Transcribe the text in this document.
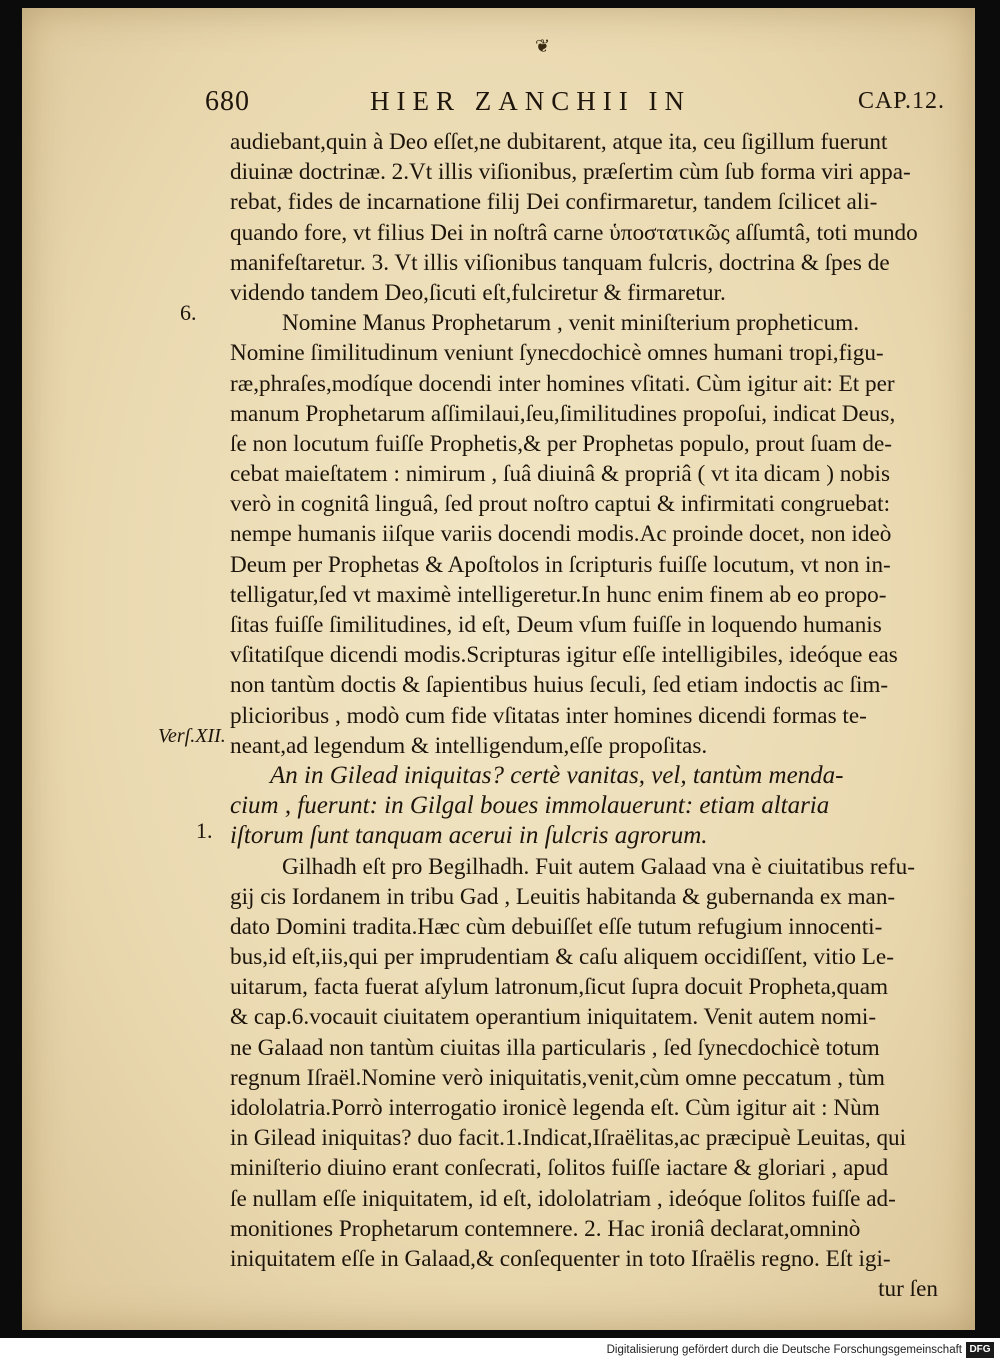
❦
680	HIER ZANCHII IN	CAP.12.
6.
Verſ.XII.
1.
audiebant,quin à Deo eſſet,ne dubitarent, atque ita, ceu ſigillum fuerunt
diuinæ doctrinæ. 2.Vt illis viſionibus, præſertim cùm ſub forma viri appa-
rebat, fides de incarnatione filij Dei confirmaretur, tandem ſcilicet ali-
quando fore, vt filius Dei in noſtrâ carne ὑποστατικῶς aſſumtâ, toti mundo
manifeſtaretur. 3. Vt illis viſionibus tanquam fulcris, doctrina & ſpes de
videndo tandem Deo,ſicuti eſt,fulciretur & firmaretur.
Nomine Manus Prophetarum , venit miniſterium propheticum.
Nomine ſimilitudinum veniunt ſynecdochicè omnes humani tropi,figu-
ræ,phraſes,modíque docendi inter homines vſitati. Cùm igitur ait: Et per
manum Prophetarum aſſimilaui,ſeu,ſimilitudines propoſui, indicat Deus,
ſe non locutum fuiſſe Prophetis,& per Prophetas populo, prout ſuam de-
cebat maieſtatem : nimirum , ſuâ diuinâ & propriâ ( vt ita dicam ) nobis
verò in cognitâ linguâ, ſed prout noſtro captui & infirmitati congruebat:
nempe humanis iiſque variis docendi modis.Ac proinde docet, non ideò
Deum per Prophetas & Apoſtolos in ſcripturis fuiſſe locutum, vt non in-
telligatur,ſed vt maximè intelligeretur.In hunc enim finem ab eo propo-
ſitas fuiſſe ſimilitudines, id eſt, Deum vſum fuiſſe in loquendo humanis
vſitatiſque dicendi modis.Scripturas igitur eſſe intelligibiles, ideóque eas
non tantùm doctis & ſapientibus huius ſeculi, ſed etiam indoctis ac ſim-
plicioribus , modò cum fide vſitatas inter homines dicendi formas te-
neant,ad legendum & intelligendum,eſſe propoſitas.
An in Gilead iniquitas? certè vanitas, vel, tantùm menda-
cium , fuerunt: in Gilgal boues immolauerunt: etiam altaria
iſtorum ſunt tanquam acerui in ſulcris agrorum.
Gilhadh eſt pro Begilhadh. Fuit autem Galaad vna è ciuitatibus refu-
gij cis Iordanem in tribu Gad , Leuitis habitanda & gubernanda ex man-
dato Domini tradita.Hæc cùm debuiſſet eſſe tutum refugium innocenti-
bus,id eſt,iis,qui per imprudentiam & caſu aliquem occidiſſent, vitio Le-
uitarum, facta fuerat aſylum latronum,ſicut ſupra docuit Propheta,quam
& cap.6.vocauit ciuitatem operantium iniquitatem. Venit autem nomi-
ne Galaad non tantùm ciuitas illa particularis , ſed ſynecdochicè totum
regnum Iſraël.Nomine verò iniquitatis,venit,cùm omne peccatum , tùm
idololatria.Porrò interrogatio ironicè legenda eſt. Cùm igitur ait : Nùm
in Gilead iniquitas? duo facit.1.Indicat,Iſraëlitas,ac præcipuè Leuitas, qui
miniſterio diuino erant conſecrati, ſolitos fuiſſe iactare & gloriari , apud
ſe nullam eſſe iniquitatem, id eſt, idololatriam , ideóque ſolitos fuiſſe ad-
monitiones Prophetarum contemnere. 2. Hac ironiâ declarat,omninò
iniquitatem eſſe in Galaad,& conſequenter in toto Iſraëlis regno. Eſt igi-
tur ſen
Digitalisierung gefördert durch die Deutsche Forschungsgemeinschaft DFG
